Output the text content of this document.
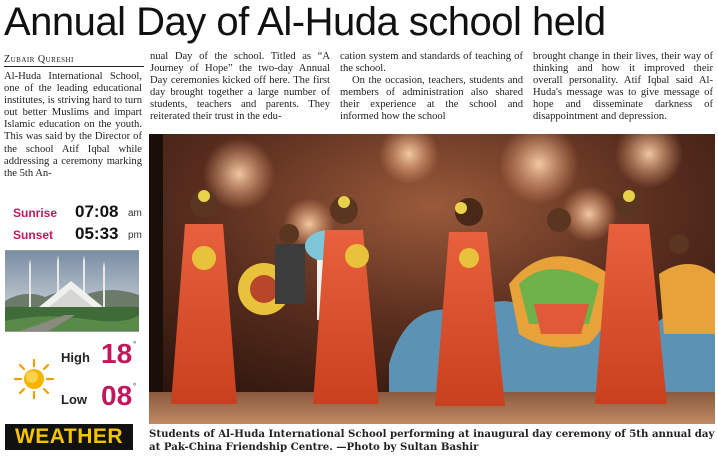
Annual Day of Al-Huda school held
Zubair Qureshi

Al-Huda International School, one of the leading educational institutes, is striving hard to turn out better Muslims and impart Islamic education on the youth. This was said by the Director of the school Atif Iqbal while addressing a ceremony marking the 5th An-

nual Day of the school. Titled as “A Journey of Hope” the two-day Annual Day ceremonies kicked off here. The first day brought together a large number of students, teachers and parents. They reiterated their trust in the edu-

cation system and standards of teaching of the school.

On the occasion, teachers, students and members of administration also shared their experience at the school and informed how the school

brought change in their lives, their way of thinking and how it improved their overall personality. Atif Iqbal said Al-Huda's message was to give message of hope and disseminate darkness of disappointment and depression.

Sunrise 07:08 am
Sunset 05:33 pm
High 18 °
Low 08 °
WEATHER	Students of Al-Huda International School performing at inaugural day ceremony of 5th annual day at Pak-China Friendship Centre. —Photo by Sultan Bashir
